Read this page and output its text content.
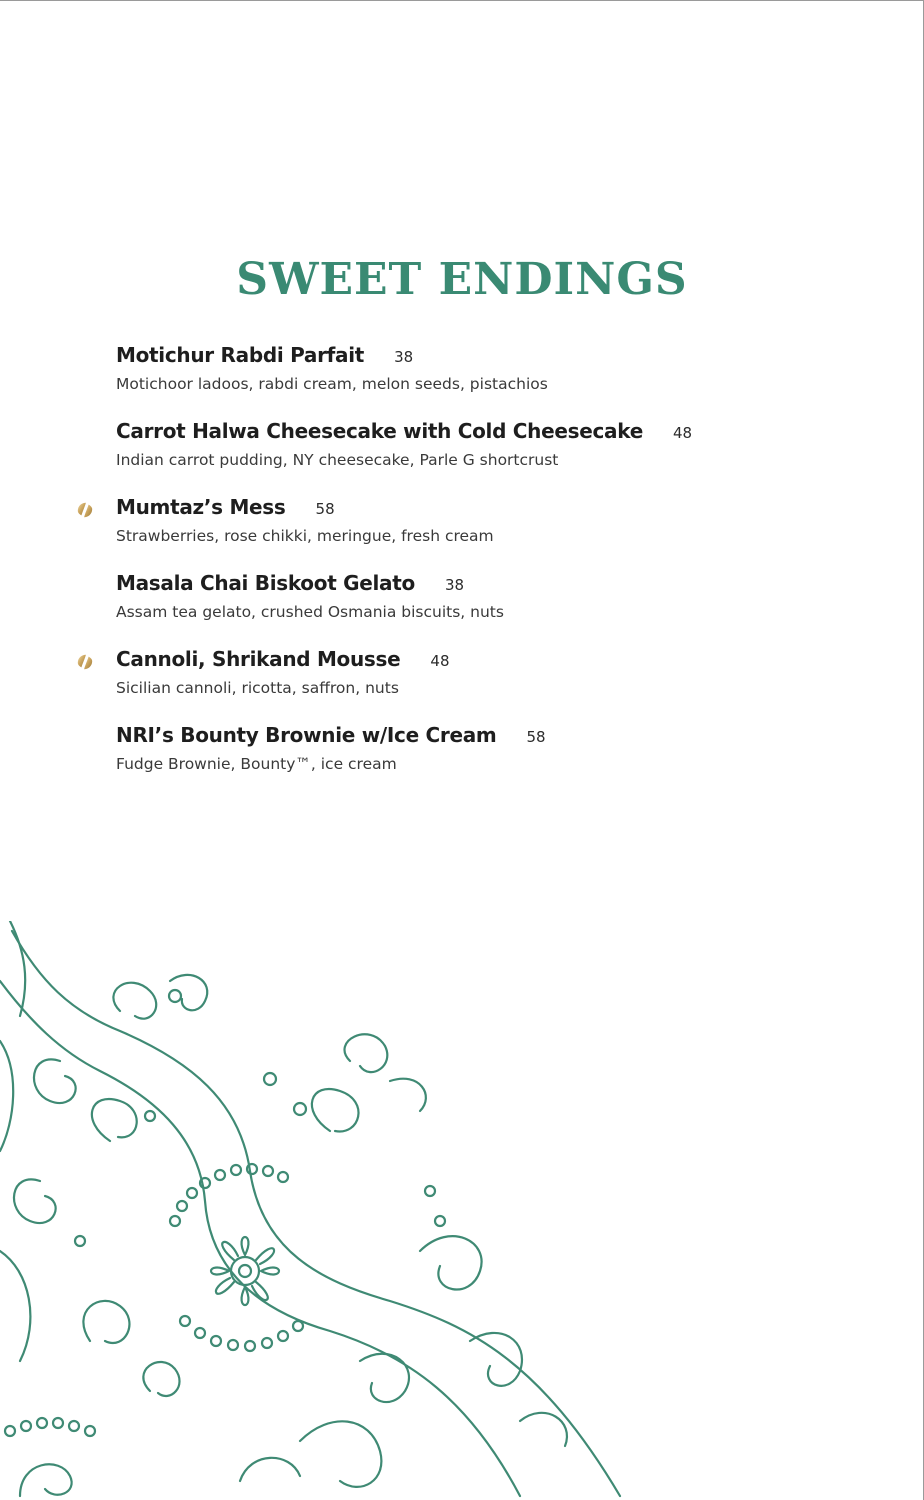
SWEET ENDINGS
Motichur Rabdi Parfait 38
Motichoor ladoos, rabdi cream, melon seeds, pistachios
Carrot Halwa Cheesecake with Cold Cheesecake 48
Indian carrot pudding, NY cheesecake, Parle G shortcrust
Mumtaz’s Mess 58
Strawberries, rose chikki, meringue, fresh cream
Masala Chai Biskoot Gelato 38
Assam tea gelato, crushed Osmania biscuits, nuts
Cannoli, Shrikand Mousse 48
Sicilian cannoli, ricotta, saffron, nuts
NRI’s Bounty Brownie w/Ice Cream 58
Fudge Brownie, Bounty™, ice cream
